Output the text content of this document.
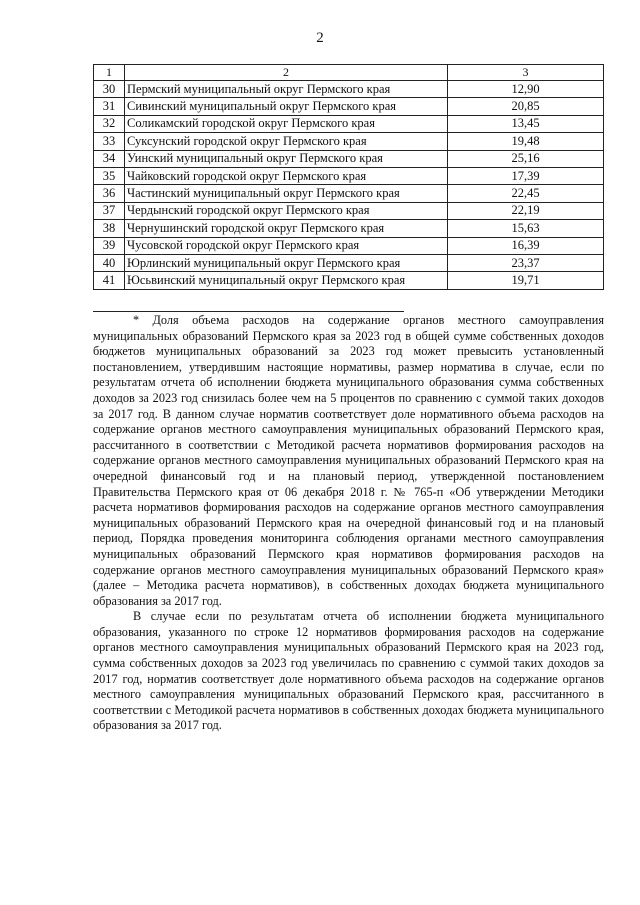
2
1	2	3
30	Пермский муниципальный округ Пермского края	12,90
31	Сивинский муниципальный округ Пермского края	20,85
32	Соликамский городской округ Пермского края	13,45
33	Суксунский городской округ Пермского края	19,48
34	Уинский муниципальный округ Пермского края	25,16
35	Чайковский городской округ Пермского края	17,39
36	Частинский муниципальный округ Пермского края	22,45
37	Чердынский городской округ Пермского края	22,19
38	Чернушинский городской округ Пермского края	15,63
39	Чусовской городской округ Пермского края	16,39
40	Юрлинский муниципальный округ Пермского края	23,37
41	Юсьвинский муниципальный округ Пермского края	19,71

* Доля объема расходов на содержание органов местного самоуправления муниципальных образований Пермского края за 2023 год в общей сумме собственных доходов бюджетов муниципальных образований за 2023 год может превысить установленный постановлением, утвердившим настоящие нормативы, размер норматива в случае, если по результатам отчета об исполнении бюджета муниципального образования сумма собственных доходов за 2023 год снизилась более чем на 5 процентов по сравнению с суммой таких доходов за 2017 год. В данном случае норматив соответствует доле нормативного объема расходов на содержание органов местного самоуправления муниципальных образований Пермского края, рассчитанного в соответствии с Методикой расчета нормативов формирования расходов на содержание органов местного самоуправления муниципальных образований Пермского края на очередной финансовый год и на плановый период, утвержденной постановлением Правительства Пермского края от 06 декабря 2018 г. № 765-п «Об утверждении Методики расчета нормативов формирования расходов на содержание органов местного самоуправления муниципальных образований Пермского края на очередной финансовый год и на плановый период, Порядка проведения мониторинга соблюдения органами местного самоуправления муниципальных образований Пермского края нормативов формирования расходов на содержание органов местного самоуправления муниципальных образований Пермского края» (далее – Методика расчета нормативов), в собственных доходах бюджета муниципального образования за 2017 год.

В случае если по результатам отчета об исполнении бюджета муниципального образования, указанного по строке 12 нормативов формирования расходов на содержание органов местного самоуправления муниципальных образований Пермского края на 2023 год, сумма собственных доходов за 2023 год увеличилась по сравнению с суммой таких доходов за 2017 год, норматив соответствует доле нормативного объема расходов на содержание органов местного самоуправления муниципальных образований Пермского края, рассчитанного в соответствии с Методикой расчета нормативов в собственных доходах бюджета муниципального образования за 2017 год.
